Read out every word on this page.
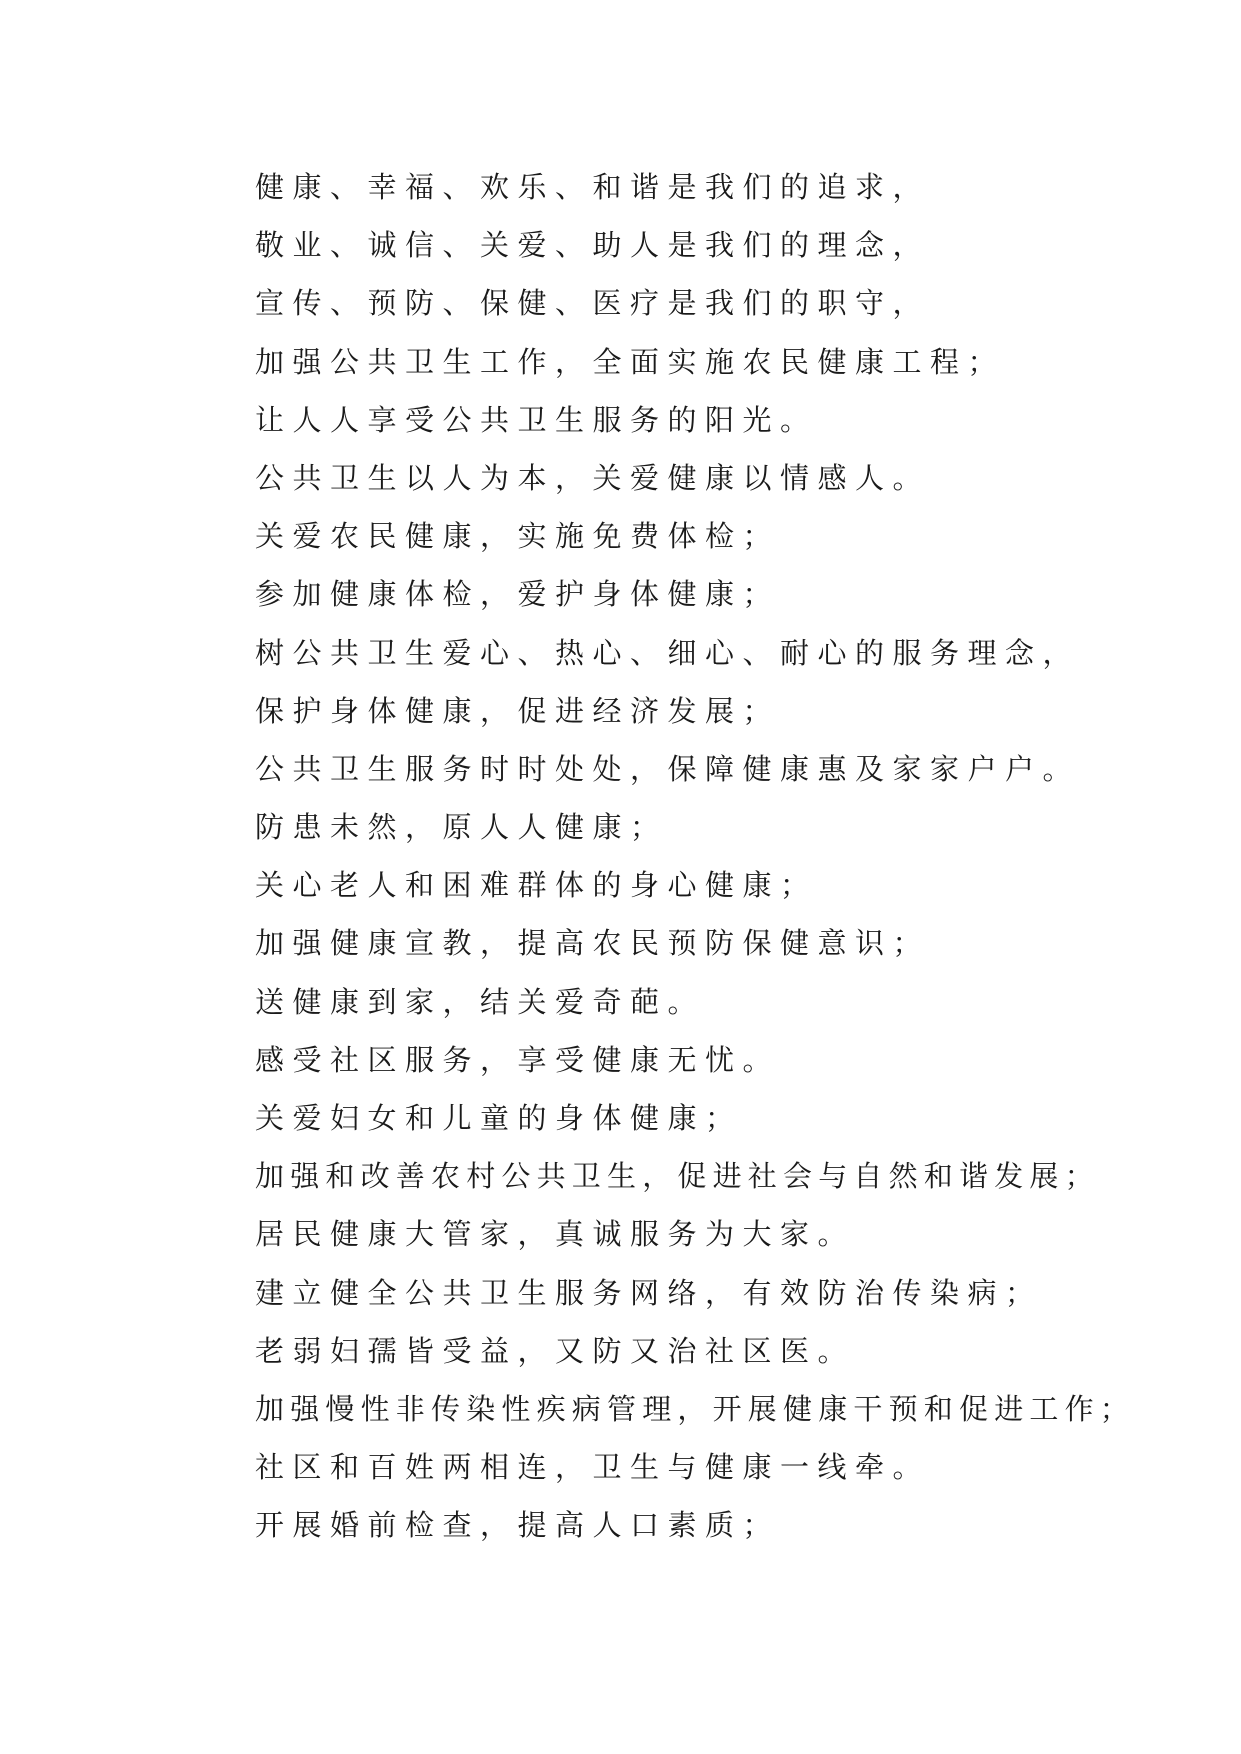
健康、幸福、欢乐、和谐是我们的追求，
敬业、诚信、关爱、助人是我们的理念，
宣传、预防、保健、医疗是我们的职守，
加强公共卫生工作，全面实施农民健康工程；
让人人享受公共卫生服务的阳光。
公共卫生以人为本，关爱健康以情感人。
关爱农民健康，实施免费体检；
参加健康体检，爱护身体健康；
树公共卫生爱心、热心、细心、耐心的服务理念，
保护身体健康，促进经济发展；
公共卫生服务时时处处，保障健康惠及家家户户。
防患未然，原人人健康；
关心老人和困难群体的身心健康；
加强健康宣教，提高农民预防保健意识；
送健康到家，结关爱奇葩。
感受社区服务，享受健康无忧。
关爱妇女和儿童的身体健康；
加强和改善农村公共卫生，促进社会与自然和谐发展；
居民健康大管家，真诚服务为大家。
建立健全公共卫生服务网络，有效防治传染病；
老弱妇孺皆受益，又防又治社区医。
加强慢性非传染性疾病管理，开展健康干预和促进工作；
社区和百姓两相连，卫生与健康一线牵。
开展婚前检查，提高人口素质；
